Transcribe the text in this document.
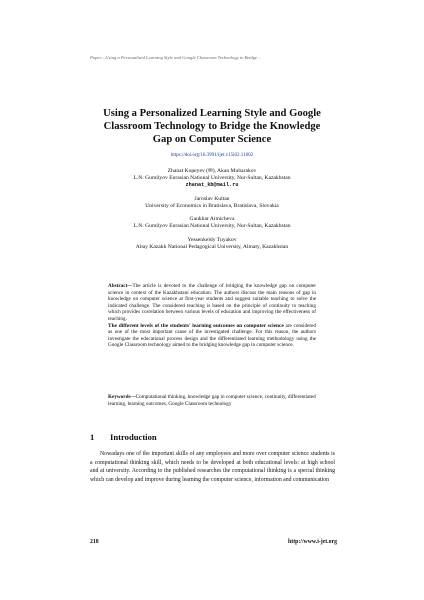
Paper—Using a Personalized Learning Style and Google Classroom Technology to Bridge…
Using a Personalized Learning Style and Google Classroom Technology to Bridge the Knowledge Gap on Computer Science
https://doi.org/10.3991/ijet.v15i02.11602
Zhanat Kopeyev (✉), Akan Mubarakov
L.N. Gumilyov Eurasian National University, Nur-Sultan, Kazakhstan
zhanat_kb@mail.ru
Jaroslav Kultan
University of Economics in Bratislava, Bratislava, Slovakia
Gaukhar Aimicheva
L.N. Gumilyov Eurasian National University, Nur-Sultan, Kazakhstan
Yessenkeldy Tuyakov
Abay Kazakh National Pedagogical University, Almaty, Kazakhstan

Abstract—The article is devoted to the challenge of bridging the knowledge gap on computer science in context of the Kazakhstani education. The authors discuss the main reasons of gap in knowledge on computer science at first-year students and suggest suitable teaching to solve the indicated challenge. The considered teaching is based on the principle of continuity to teaching which provides correlation between various levels of education and improving the effectiveness of teaching.

The different levels of the students' learning outcomes on computer science are considered as one of the most important cause of the investigated challenge. For this reason, the authors investigate the educational process design and the differentiated learning methodology using the Google Classroom technology aimed to the bridging knowledge gap in computer science.

Keywords—Computational thinking, knowledge gap in computer science, continuity, differentiated learning, learning outcomes, Google Classroom technology
1 Introduction

Nowadays one of the important skills of any employees and more over computer science students is a computational thinking skill, which needs to be developed at both educational levels: at high school and at university. According to the published researches the computational thinking is a special thinking which can develop and improve during learning the computer science, information and communication

218	http://www.i-jet.org
